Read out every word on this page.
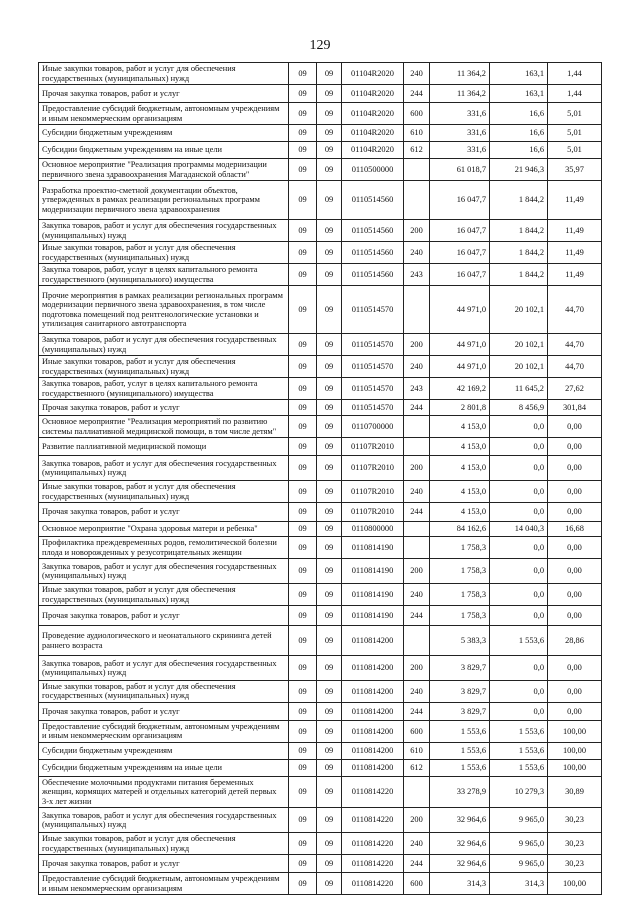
129
Иные закупки товаров, работ и услуг для обеспечения государственных (муниципальных) нужд	09	09	01104R2020	240	11 364,2	163,1	1,44
Прочая закупка товаров, работ и услуг	09	09	01104R2020	244	11 364,2	163,1	1,44
Предоставление субсидий бюджетным, автономным учреждениям и иным некоммерческим организациям	09	09	01104R2020	600	331,6	16,6	5,01
Субсидии бюджетным учреждениям	09	09	01104R2020	610	331,6	16,6	5,01
Субсидии бюджетным учреждениям на иные цели	09	09	01104R2020	612	331,6	16,6	5,01
Основное мероприятие "Реализация программы модернизации первичного звена здравоохранения Магаданской области"	09	09	0110500000		61 018,7	21 946,3	35,97
Разработка проектно-сметной документации объектов, утвержденных в рамках реализации региональных программ модернизации первичного звена здравоохранения	09	09	0110514560		16 047,7	1 844,2	11,49
Закупка товаров, работ и услуг для обеспечения государственных (муниципальных) нужд	09	09	0110514560	200	16 047,7	1 844,2	11,49
Иные закупки товаров, работ и услуг для обеспечения государственных (муниципальных) нужд	09	09	0110514560	240	16 047,7	1 844,2	11,49
Закупка товаров, работ, услуг в целях капитального ремонта государственного (муниципального) имущества	09	09	0110514560	243	16 047,7	1 844,2	11,49
Прочие мероприятия в рамках реализации региональных программ модернизации первичного звена здравоохранения, в том числе подготовка помещений под рентгенологические установки и утилизация санитарного автотранспорта	09	09	0110514570		44 971,0	20 102,1	44,70
Закупка товаров, работ и услуг для обеспечения государственных (муниципальных) нужд	09	09	0110514570	200	44 971,0	20 102,1	44,70
Иные закупки товаров, работ и услуг для обеспечения государственных (муниципальных) нужд	09	09	0110514570	240	44 971,0	20 102,1	44,70
Закупка товаров, работ, услуг в целях капитального ремонта государственного (муниципального) имущества	09	09	0110514570	243	42 169,2	11 645,2	27,62
Прочая закупка товаров, работ и услуг	09	09	0110514570	244	2 801,8	8 456,9	301,84
Основное мероприятие "Реализация мероприятий по развитию системы паллиативной медицинской помощи, в том числе детям"	09	09	0110700000		4 153,0	0,0	0,00
Развитие паллиативной медицинской помощи	09	09	01107R2010		4 153,0	0,0	0,00
Закупка товаров, работ и услуг для обеспечения государственных (муниципальных) нужд	09	09	01107R2010	200	4 153,0	0,0	0,00
Иные закупки товаров, работ и услуг для обеспечения государственных (муниципальных) нужд	09	09	01107R2010	240	4 153,0	0,0	0,00
Прочая закупка товаров, работ и услуг	09	09	01107R2010	244	4 153,0	0,0	0,00
Основное мероприятие "Охрана здоровья матери и ребенка"	09	09	0110800000		84 162,6	14 040,3	16,68
Профилактика преждевременных родов, гемолитической болезни плода и новорожденных у резусотрицательных женщин	09	09	0110814190		1 758,3	0,0	0,00
Закупка товаров, работ и услуг для обеспечения государственных (муниципальных) нужд	09	09	0110814190	200	1 758,3	0,0	0,00
Иные закупки товаров, работ и услуг для обеспечения государственных (муниципальных) нужд	09	09	0110814190	240	1 758,3	0,0	0,00
Прочая закупка товаров, работ и услуг	09	09	0110814190	244	1 758,3	0,0	0,00
Проведение аудиологического и неонатального скрининга детей раннего возраста	09	09	0110814200		5 383,3	1 553,6	28,86
Закупка товаров, работ и услуг для обеспечения государственных (муниципальных) нужд	09	09	0110814200	200	3 829,7	0,0	0,00
Иные закупки товаров, работ и услуг для обеспечения государственных (муниципальных) нужд	09	09	0110814200	240	3 829,7	0,0	0,00
Прочая закупка товаров, работ и услуг	09	09	0110814200	244	3 829,7	0,0	0,00
Предоставление субсидий бюджетным, автономным учреждениям и иным некоммерческим организациям	09	09	0110814200	600	1 553,6	1 553,6	100,00
Субсидии бюджетным учреждениям	09	09	0110814200	610	1 553,6	1 553,6	100,00
Субсидии бюджетным учреждениям на иные цели	09	09	0110814200	612	1 553,6	1 553,6	100,00
Обеспечение молочными продуктами питания беременных женщин, кормящих матерей и отдельных категорий детей первых 3-х лет жизни	09	09	0110814220		33 278,9	10 279,3	30,89
Закупка товаров, работ и услуг для обеспечения государственных (муниципальных) нужд	09	09	0110814220	200	32 964,6	9 965,0	30,23
Иные закупки товаров, работ и услуг для обеспечения государственных (муниципальных) нужд	09	09	0110814220	240	32 964,6	9 965,0	30,23
Прочая закупка товаров, работ и услуг	09	09	0110814220	244	32 964,6	9 965,0	30,23
Предоставление субсидий бюджетным, автономным учреждениям и иным некоммерческим организациям	09	09	0110814220	600	314,3	314,3	100,00
